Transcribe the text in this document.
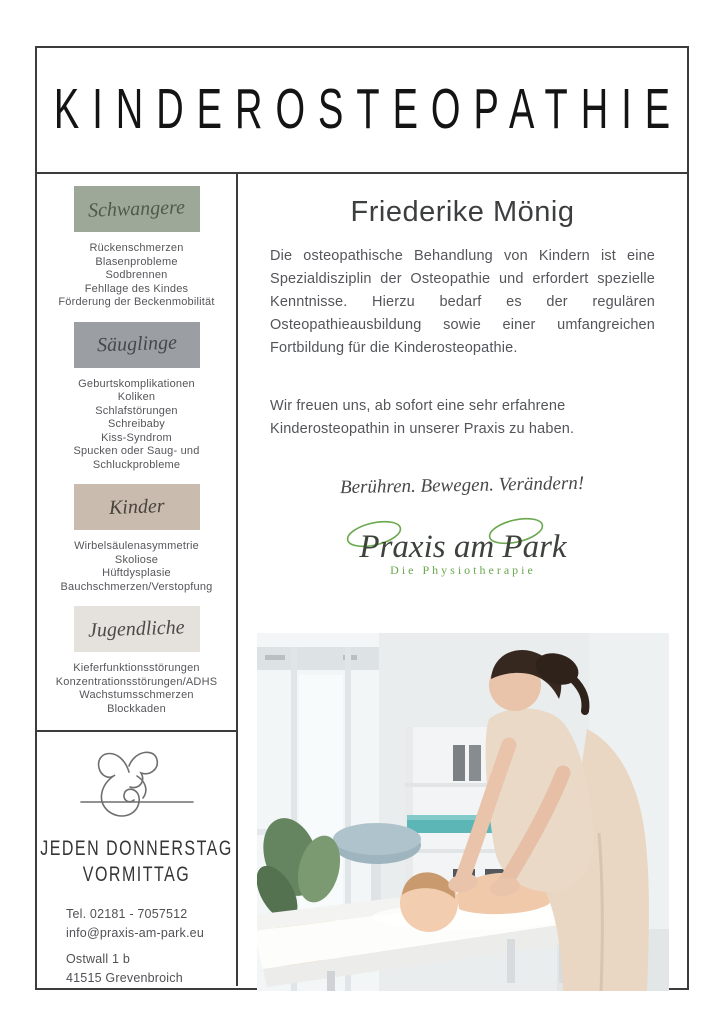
KINDEROSTEOPATHIE
Schwangere
Rückenschmerzen
Blasenprobleme
Sodbrennen
Fehllage des Kindes
Förderung der Beckenmobilität
Säuglinge
Geburtskomplikationen
Koliken
Schlafstörungen
Schreibaby
Kiss-Syndrom
Spucken oder Saug- und Schluckprobleme
Kinder
Wirbelsäulenasymmetrie
Skoliose
Hüftdysplasie
Bauchschmerzen/Verstopfung
Jugendliche
Kieferfunktionsstörungen
Konzentrationsstörungen/ADHS
Wachstumsschmerzen
Blockkaden
JEDEN DONNERSTAG
VORMITTAG
Tel. 02181 - 7057512
info@praxis-am-park.eu
Ostwall 1 b
41515 Grevenbroich
Friederike Mönig

Die osteopathische Behandlung von Kindern ist eine Spezialdisziplin der Osteopathie und erfordert spezielle Kenntnisse. Hierzu bedarf es der regulären Osteopathieausbildung sowie einer umfangreichen Fortbildung für die Kinderosteopathie.

Wir freuen uns, ab sofort eine sehr erfahrene Kinderosteopathin in unserer Praxis zu haben.

Berühren. Bewegen. Verändern!
Praxis am Park
Die Physiotherapie
